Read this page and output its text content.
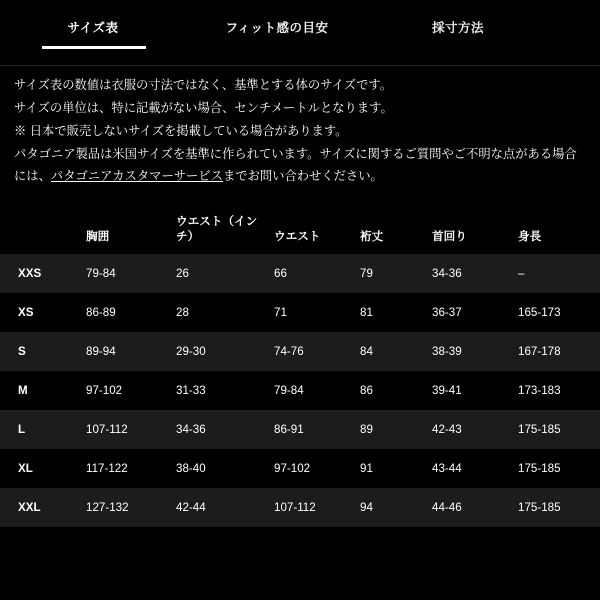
サイズ表	フィット感の目安	採寸方法

サイズ表の数値は衣服の寸法ではなく、基準とする体のサイズです。

サイズの単位は、特に記載がない場合、センチメートルとなります。

※ 日本で販売しないサイズを掲載している場合があります。

パタゴニア製品は米国サイズを基準に作られています。サイズに関するご質問やご不明な点がある場合には、パタゴニアカスタマーサービスまでお問い合わせください。

	胸囲	ウエスト（インチ）	ウエスト	裄丈	首回り	身長
XXS	79-84	26	66	79	34-36	–
XS	86-89	28	71	81	36-37	165-173
S	89-94	29-30	74-76	84	38-39	167-178
M	97-102	31-33	79-84	86	39-41	173-183
L	107-112	34-36	86-91	89	42-43	175-185
XL	117-122	38-40	97-102	91	43-44	175-185
XXL	127-132	42-44	107-112	94	44-46	175-185
